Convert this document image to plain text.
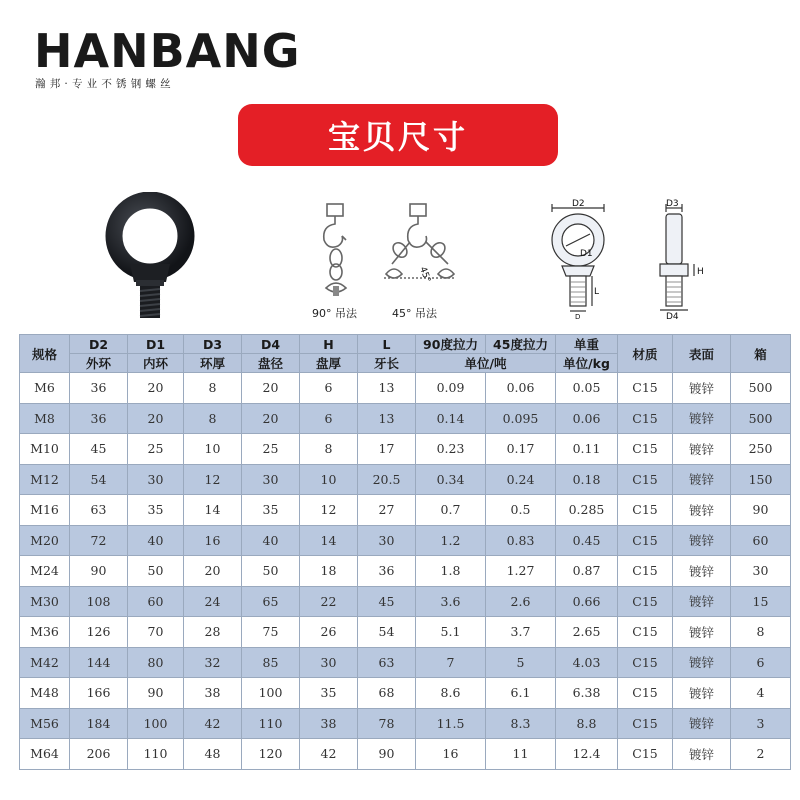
HANBANG
瀚邦·专业不锈钢螺丝
宝贝尺寸
90° 吊法
45°
45° 吊法
D2
D1
L
D
D3
H
D4
规格	D2	D1	D3	D4	H	L	90度拉力	45度拉力	单重	材质	表面	箱
	外环	内环	环厚	盘径	盘厚	牙长	单位/吨		单位/kg			
M6	36	20	8	20	6	13	0.09	0.06	0.05	C15	镀锌	500
M8	36	20	8	20	6	13	0.14	0.095	0.06	C15	镀锌	500
M10	45	25	10	25	8	17	0.23	0.17	0.11	C15	镀锌	250
M12	54	30	12	30	10	20.5	0.34	0.24	0.18	C15	镀锌	150
M16	63	35	14	35	12	27	0.7	0.5	0.285	C15	镀锌	90
M20	72	40	16	40	14	30	1.2	0.83	0.45	C15	镀锌	60
M24	90	50	20	50	18	36	1.8	1.27	0.87	C15	镀锌	30
M30	108	60	24	65	22	45	3.6	2.6	0.66	C15	镀锌	15
M36	126	70	28	75	26	54	5.1	3.7	2.65	C15	镀锌	8
M42	144	80	32	85	30	63	7	5	4.03	C15	镀锌	6
M48	166	90	38	100	35	68	8.6	6.1	6.38	C15	镀锌	4
M56	184	100	42	110	38	78	11.5	8.3	8.8	C15	镀锌	3
M64	206	110	48	120	42	90	16	11	12.4	C15	镀锌	2
